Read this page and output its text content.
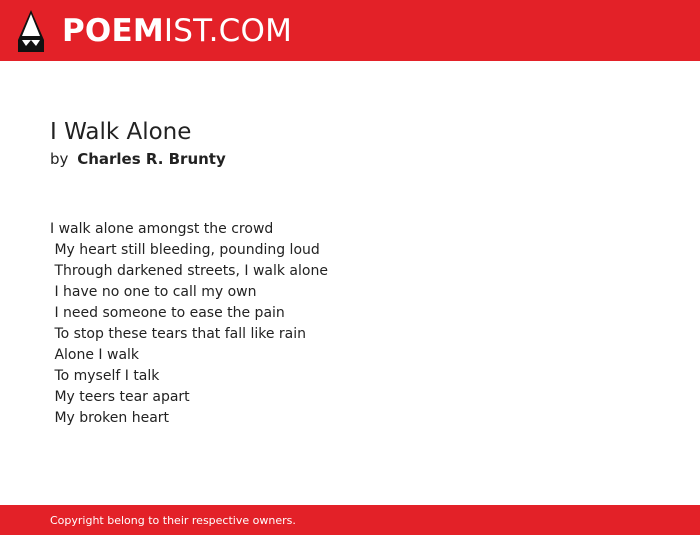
POEMIST.COM
I Walk Alone
by Charles R. Brunty
I walk alone amongst the crowd
My heart still bleeding, pounding loud
Through darkened streets, I walk alone
I have no one to call my own
I need someone to ease the pain
To stop these tears that fall like rain
Alone I walk
To myself I talk
My teers tear apart
My broken heart
Copyright belong to their respective owners.
